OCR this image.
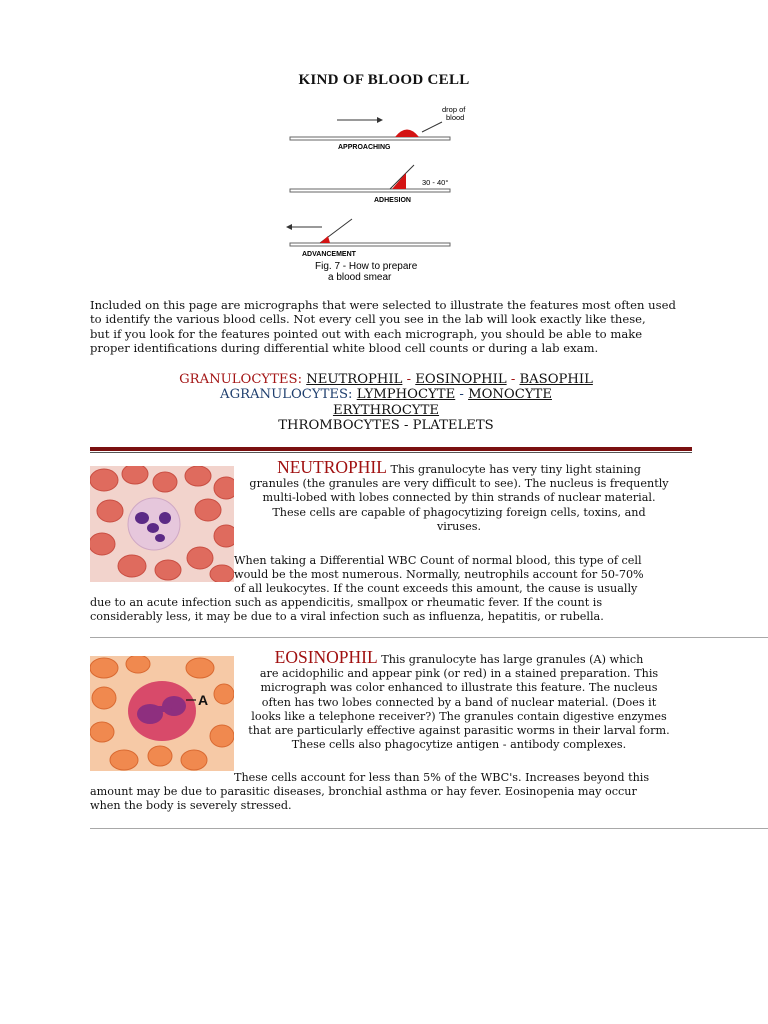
KIND OF BLOOD CELL
drop of
blood
APPROACHING
30 - 40°
ADHESION
ADVANCEMENT
Fig. 7 - How to prepare
a blood smear
Included on this page are micrographs that were selected to illustrate the features most often used
to identify the various blood cells. Not every cell you see in the lab will look exactly like these,
but if you look for the features pointed out with each micrograph, you should be able to make
proper identifications during differential white blood cell counts or during a lab exam.
GRANULOCYTES: NEUTROPHIL - EOSINOPHIL - BASOPHIL
AGRANULOCYTES: LYMPHOCYTE - MONOCYTE
ERYTHROCYTE
THROMBOCYTES - PLATELETS
NEUTROPHIL This granulocyte has very tiny light staining
granules (the granules are very difficult to see). The nucleus is frequently
multi-lobed with lobes connected by thin strands of nuclear material.
These cells are capable of phagocytizing foreign cells, toxins, and
viruses.
When taking a Differential WBC Count of normal blood, this type of cell
would be the most numerous. Normally, neutrophils account for 50-70%
of all leukocytes. If the count exceeds this amount, the cause is usually
due to an acute infection such as appendicitis, smallpox or rheumatic fever. If the count is
considerably less, it may be due to a viral infection such as influenza, hepatitis, or rubella.
A
EOSINOPHIL This granulocyte has large granules (A) which
are acidophilic and appear pink (or red) in a stained preparation. This
micrograph was color enhanced to illustrate this feature. The nucleus
often has two lobes connected by a band of nuclear material. (Does it
looks like a telephone receiver?) The granules contain digestive enzymes
that are particularly effective against parasitic worms in their larval form.
These cells also phagocytize antigen - antibody complexes.
These cells account for less than 5% of the WBC's. Increases beyond this
amount may be due to parasitic diseases, bronchial asthma or hay fever. Eosinopenia may occur
when the body is severely stressed.
